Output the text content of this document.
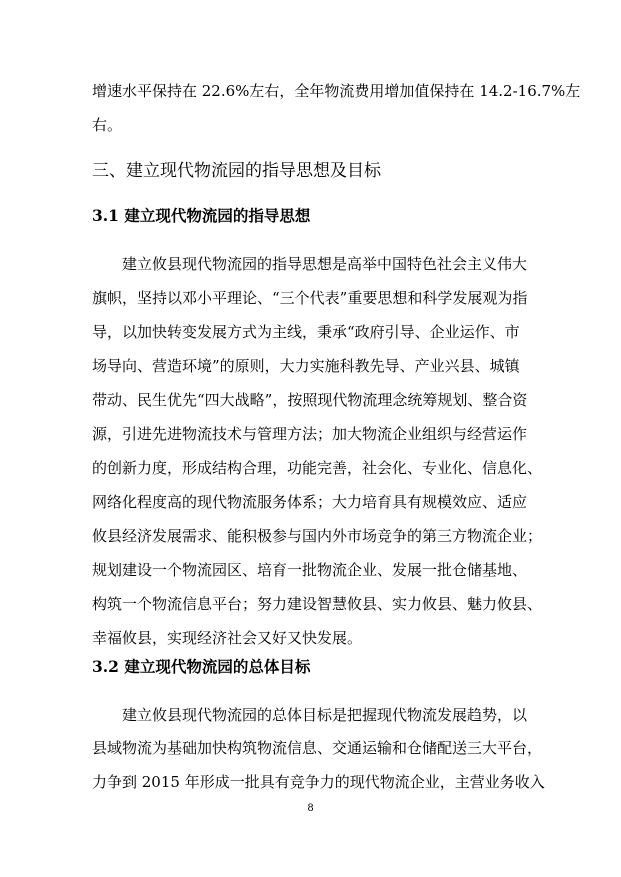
增速水平保持在 22.6%左右，全年物流费用增加值保持在 14.2-16.7%左

右。

三、建立现代物流园的指导思想及目标
3.1 建立现代物流园的指导思想

建立攸县现代物流园的指导思想是高举中国特色社会主义伟大

旗帜，坚持以邓小平理论、“三个代表”重要思想和科学发展观为指

导，以加快转变发展方式为主线，秉承“政府引导、企业运作、市

场导向、营造环境”的原则，大力实施科教先导、产业兴县、城镇

带动、民生优先“四大战略”，按照现代物流理念统筹规划、整合资

源，引进先进物流技术与管理方法；加大物流企业组织与经营运作

的创新力度，形成结构合理，功能完善，社会化、专业化、信息化、

网络化程度高的现代物流服务体系；大力培育具有规模效应、适应

攸县经济发展需求、能积极参与国内外市场竞争的第三方物流企业；

规划建设一个物流园区、培育一批物流企业、发展一批仓储基地、

构筑一个物流信息平台；努力建设智慧攸县、实力攸县、魅力攸县、

幸福攸县，实现经济社会又好又快发展。

3.2 建立现代物流园的总体目标

建立攸县现代物流园的总体目标是把握现代物流发展趋势，以

县域物流为基础加快构筑物流信息、交通运输和仓储配送三大平台，

力争到 2015 年形成一批具有竞争力的现代物流企业，主营业务收入

8
